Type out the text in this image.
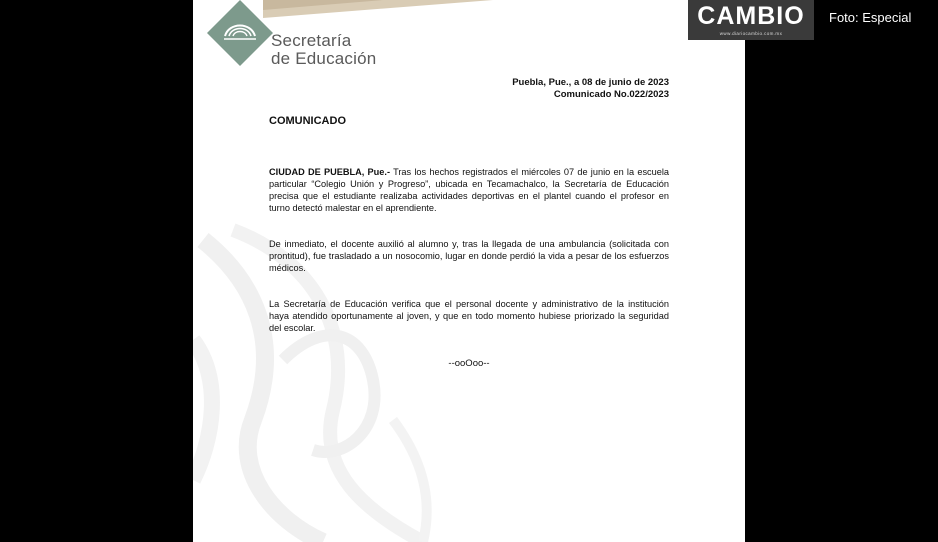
Secretaría
de Educación
Puebla, Pue., a 08 de junio de 2023
Comunicado No.022/2023
COMUNICADO
CIUDAD DE PUEBLA, Pue.- Tras los hechos registrados el miércoles 07 de junio en la escuela particular “Colegio Unión y Progreso”, ubicada en Tecamachalco, la Secretaría de Educación precisa que el estudiante realizaba actividades deportivas en el plantel cuando el profesor en turno detectó malestar en el aprendiente.
De inmediato, el docente auxilió al alumno y, tras la llegada de una ambulancia (solicitada con prontitud), fue trasladado a un nosocomio, lugar en donde perdió la vida a pesar de los esfuerzos médicos.
La Secretaría de Educación verifica que el personal docente y administrativo de la institución haya atendido oportunamente al joven, y que en todo momento hubiese priorizado la seguridad del escolar.
--ooOoo--
CAMBIO
www.diariocambio.com.mx
Foto: Especial
